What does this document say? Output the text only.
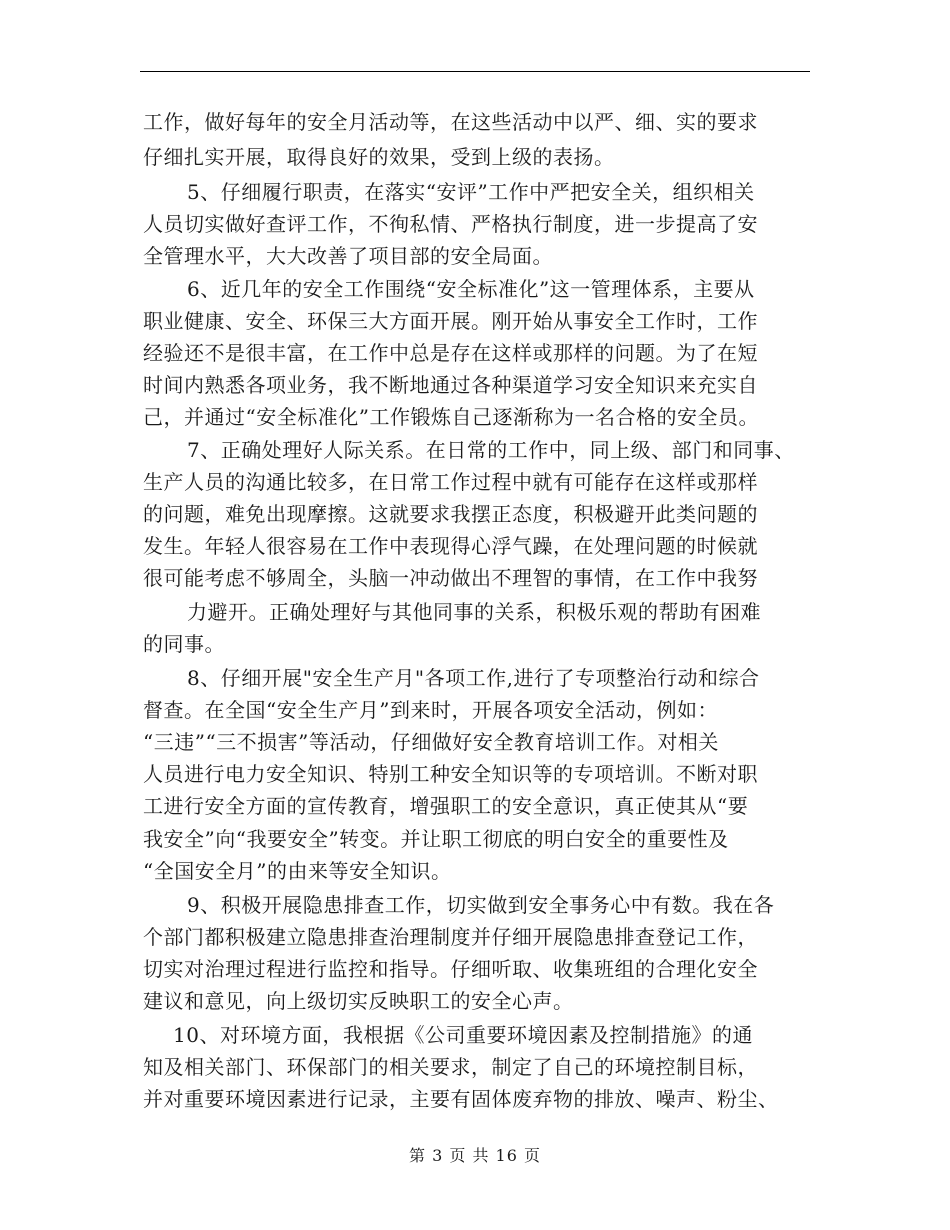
工作，做好每年的安全月活动等，在这些活动中以严、细、实的要求
仔细扎实开展，取得良好的效果，受到上级的表扬。
5、仔细履行职责，在落实“安评”工作中严把安全关，组织相关
人员切实做好查评工作，不徇私情、严格执行制度，进一步提高了安
全管理水平，大大改善了项目部的安全局面。
6、近几年的安全工作围绕“安全标准化”这一管理体系，主要从
职业健康、安全、环保三大方面开展。刚开始从事安全工作时，工作
经验还不是很丰富，在工作中总是存在这样或那样的问题。为了在短
时间内熟悉各项业务，我不断地通过各种渠道学习安全知识来充实自
己，并通过“安全标准化”工作锻炼自己逐渐称为一名合格的安全员。
7、正确处理好人际关系。在日常的工作中，同上级、部门和同事、
生产人员的沟通比较多，在日常工作过程中就有可能存在这样或那样
的问题，难免出现摩擦。这就要求我摆正态度，积极避开此类问题的
发生。年轻人很容易在工作中表现得心浮气躁，在处理问题的时候就
很可能考虑不够周全，头脑一冲动做出不理智的事情，在工作中我努
力避开。正确处理好与其他同事的关系，积极乐观的帮助有困难
的同事。
8、仔细开展"安全生产月"各项工作,进行了专项整治行动和综合
督查。在全国“安全生产月”到来时，开展各项安全活动，例如：
“三违”“三不损害”等活动，仔细做好安全教育培训工作。对相关
人员进行电力安全知识、特别工种安全知识等的专项培训。不断对职
工进行安全方面的宣传教育，增强职工的安全意识，真正使其从“要
我安全”向“我要安全”转变。并让职工彻底的明白安全的重要性及
“全国安全月”的由来等安全知识。
9、积极开展隐患排查工作，切实做到安全事务心中有数。我在各
个部门都积极建立隐患排查治理制度并仔细开展隐患排查登记工作，
切实对治理过程进行监控和指导。仔细听取、收集班组的合理化安全
建议和意见，向上级切实反映职工的安全心声。
10、对环境方面，我根据《公司重要环境因素及控制措施》的通
知及相关部门、环保部门的相关要求，制定了自己的环境控制目标，
并对重要环境因素进行记录，主要有固体废弃物的排放、噪声、粉尘、
第 3 页 共 16 页
